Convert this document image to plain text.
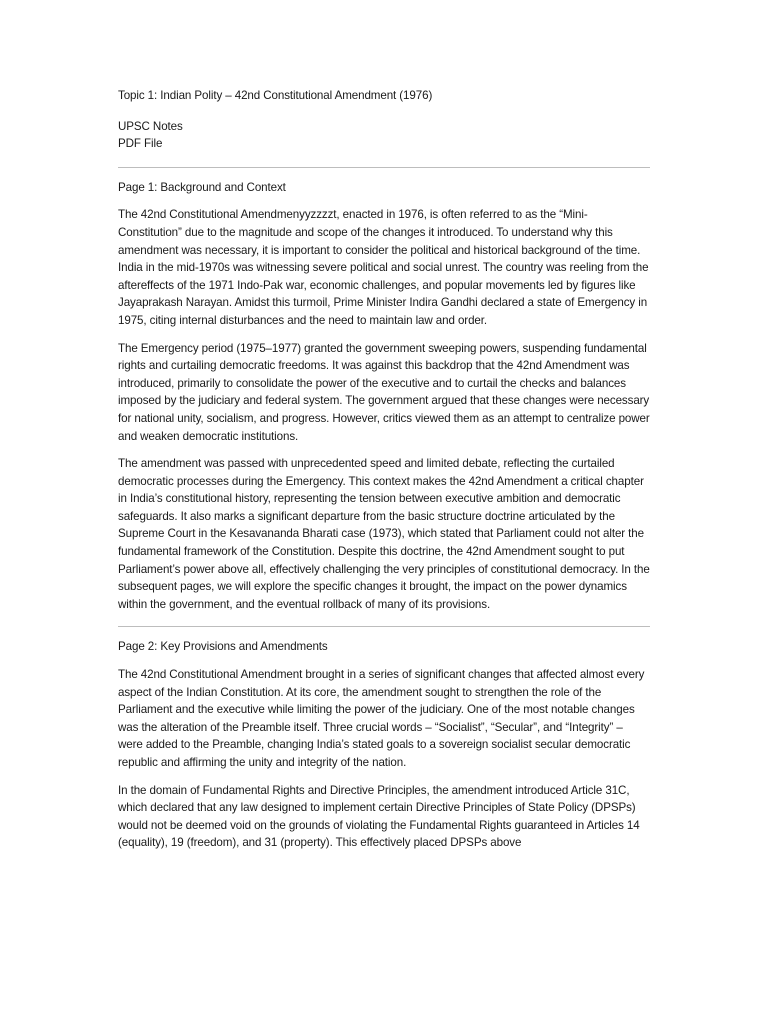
Topic 1: Indian Polity – 42nd Constitutional Amendment (1976)
UPSC Notes
PDF File
Page 1: Background and Context

The 42nd Constitutional Amendmenyyzzzzt, enacted in 1976, is often referred to as the “Mini-Constitution” due to the magnitude and scope of the changes it introduced. To understand why this amendment was necessary, it is important to consider the political and historical background of the time. India in the mid-1970s was witnessing severe political and social unrest. The country was reeling from the aftereffects of the 1971 Indo-Pak war, economic challenges, and popular movements led by figures like Jayaprakash Narayan. Amidst this turmoil, Prime Minister Indira Gandhi declared a state of Emergency in 1975, citing internal disturbances and the need to maintain law and order.

The Emergency period (1975–1977) granted the government sweeping powers, suspending fundamental rights and curtailing democratic freedoms. It was against this backdrop that the 42nd Amendment was introduced, primarily to consolidate the power of the executive and to curtail the checks and balances imposed by the judiciary and federal system. The government argued that these changes were necessary for national unity, socialism, and progress. However, critics viewed them as an attempt to centralize power and weaken democratic institutions.

The amendment was passed with unprecedented speed and limited debate, reflecting the curtailed democratic processes during the Emergency. This context makes the 42nd Amendment a critical chapter in India’s constitutional history, representing the tension between executive ambition and democratic safeguards. It also marks a significant departure from the basic structure doctrine articulated by the Supreme Court in the Kesavananda Bharati case (1973), which stated that Parliament could not alter the fundamental framework of the Constitution. Despite this doctrine, the 42nd Amendment sought to put Parliament’s power above all, effectively challenging the very principles of constitutional democracy. In the subsequent pages, we will explore the specific changes it brought, the impact on the power dynamics within the government, and the eventual rollback of many of its provisions.

Page 2: Key Provisions and Amendments

The 42nd Constitutional Amendment brought in a series of significant changes that affected almost every aspect of the Indian Constitution. At its core, the amendment sought to strengthen the role of the Parliament and the executive while limiting the power of the judiciary. One of the most notable changes was the alteration of the Preamble itself. Three crucial words – “Socialist”, “Secular”, and “Integrity” – were added to the Preamble, changing India’s stated goals to a sovereign socialist secular democratic republic and affirming the unity and integrity of the nation.

In the domain of Fundamental Rights and Directive Principles, the amendment introduced Article 31C, which declared that any law designed to implement certain Directive Principles of State Policy (DPSPs) would not be deemed void on the grounds of violating the Fundamental Rights guaranteed in Articles 14 (equality), 19 (freedom), and 31 (property). This effectively placed DPSPs above
